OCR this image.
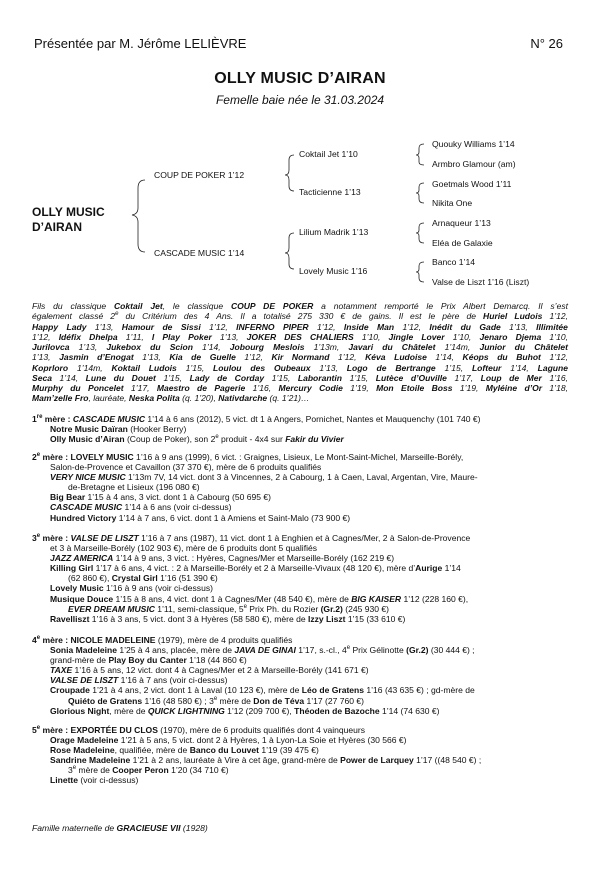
Présentée par M. Jérôme LELIÈVRE	N° 26
OLLY MUSIC D’AIRAN
Femelle baie née le 31.03.2024
OLLY MUSIC D’AIRAN
COUP DE POKER 1’12
CASCADE MUSIC 1’14
Coktail Jet 1’10
Tacticienne 1’13
Lilium Madrik 1’13
Lovely Music 1’16
Quouky Williams 1’14
Armbro Glamour (am)
Goetmals Wood 1’11
Nikita One
Arnaqueur 1’13
Eléa de Galaxie
Banco 1’14
Valse de Liszt 1’16 (Liszt)

Fils du classique Coktail Jet, le classique COUP DE POKER a notamment remporté le Prix Albert Demarcq. Il s’est

également classé 2e du Critérium des 4 Ans. Il a totalisé 275 330 € de gains. Il est le père de Huriel Ludois 1’12,

Happy Lady 1’13, Hamour de Sissi 1’12, INFERNO PIPER 1’12, Inside Man 1’12, Inédit du Gade 1’13, Illimitée

1’12, Idéfix Dhelpa 1’11, I Play Poker 1’13, JOKER DES CHALIERS 1’10, Jingle Lover 1’10, Jenaro Djema 1’10,

Jurilovca 1’13, Jukebox du Scion 1’14, Jobourg Meslois 1’13m, Javari du Châtelet 1’14m, Junior du Châtelet

1’13, Jasmin d’Enogat 1’13, Kia de Guelle 1’12, Kir Normand 1’12, Kéva Ludoise 1’14, Kéops du Buhot 1’12,

Koprloro 1’14m, Koktail Ludois 1’15, Loulou des Oubeaux 1’13, Logo de Bertrange 1’15, Lofteur 1’14, Lagune

Seca 1’14, Lune du Douet 1’15, Lady de Corday 1’15, Laborantin 1’15, Lutèce d’Ouville 1’17, Loup de Mer 1’16,

Murphy du Poncelet 1’17, Maestro de Pagerie 1’16, Mercury Codie 1’19, Mon Etoile Boss 1’19, Myléine d’Or 1’18,

Mam’zelle Fro, lauréate, Neska Polita (q. 1’20), Nativdarche (q. 1’21)…

1re mère : CASCADE MUSIC 1’14 à 6 ans (2012), 5 vict. dt 1 à Angers, Pornichet, Nantes et Mauquenchy (101 740 €)

Notre Music Daïran (Hooker Berry)

Olly Music d’Airan (Coup de Poker), son 2e produit - 4x4 sur Fakir du Vivier

2e mère : LOVELY MUSIC 1’16 à 9 ans (1999), 6 vict. : Graignes, Lisieux, Le Mont-Saint-Michel, Marseille-Borély,

Salon-de-Provence et Cavaillon (37 370 €), mère de 6 produits qualifiés

VERY NICE MUSIC 1’13m 7V, 14 vict. dont 3 à Vincennes, 2 à Cabourg, 1 à Caen, Laval, Argentan, Vire, Maure-

de-Bretagne et Lisieux (196 080 €)

Big Bear 1’15 à 4 ans, 3 vict. dont 1 à Cabourg (50 695 €)

CASCADE MUSIC 1’14 à 6 ans (voir ci-dessus)

Hundred Victory 1’14 à 7 ans, 6 vict. dont 1 à Amiens et Saint-Malo (73 900 €)

3e mère : VALSE DE LISZT 1’16 à 7 ans (1987), 11 vict. dont 1 à Enghien et à Cagnes/Mer, 2 à Salon-de-Provence

et 3 à Marseille-Borély (102 903 €), mère de 6 produits dont 5 qualifiés

JAZZ AMERICA 1’14 à 9 ans, 3 vict. : Hyères, Cagnes/Mer et Marseille-Borély (162 219 €)

Killing Girl 1’17 à 6 ans, 4 vict. : 2 à Marseille-Borély et 2 à Marseille-Vivaux (48 120 €), mère d’Aurige 1’14

(62 860 €), Crystal Girl 1’16 (51 390 €)

Lovely Music 1’16 à 9 ans (voir ci-dessus)

Musique Douce 1’15 à 8 ans, 4 vict. dont 1 à Cagnes/Mer (48 540 €), mère de BIG KAISER 1’12 (228 160 €),

EVER DREAM MUSIC 1’11, semi-classique, 5e Prix Ph. du Rozier (Gr.2) (245 930 €)

Ravelliszt 1’16 à 3 ans, 5 vict. dont 3 à Hyères (58 580 €), mère de Izzy Liszt 1’15 (33 610 €)

4e mère : NICOLE MADELEINE (1979), mère de 4 produits qualifiés

Sonia Madeleine 1’25 à 4 ans, placée, mère de JAVA DE GINAI 1’17, s.-cl., 4e Prix Gélinotte (Gr.2) (30 444 €) ;

grand-mère de Play Boy du Canter 1’18 (44 860 €)

TAXE 1’16 à 5 ans, 12 vict. dont 4 à Cagnes/Mer et 2 à Marseille-Borély (141 671 €)

VALSE DE LISZT 1’16 à 7 ans (voir ci-dessus)

Croupade 1’21 à 4 ans, 2 vict. dont 1 à Laval (10 123 €), mère de Léo de Gratens 1’16 (43 635 €) ; gd-mère de

Quiéto de Gratens 1’16 (48 580 €) ; 3e mère de Don de Téva 1’17 (27 760 €)

Glorious Night, mère de QUICK LIGHTNING 1’12 (209 700 €), Théoden de Bazoche 1’14 (74 630 €)

5e mère : EXPORTÉE DU CLOS (1970), mère de 6 produits qualifiés dont 4 vainqueurs

Orage Madeleine 1’21 à 5 ans, 5 vict. dont 2 à Hyères, 1 à Lyon-La Soie et Hyères (30 566 €)

Rose Madeleine, qualifiée, mère de Banco du Louvet 1’19 (39 475 €)

Sandrine Madeleine 1’21 à 2 ans, lauréate à Vire à cet âge, grand-mère de Power de Larquey 1’17 ((48 540 €) ;

3e mère de Cooper Peron 1’20 (34 710 €)

Linette (voir ci-dessus)

Famille maternelle de GRACIEUSE VII (1928)
